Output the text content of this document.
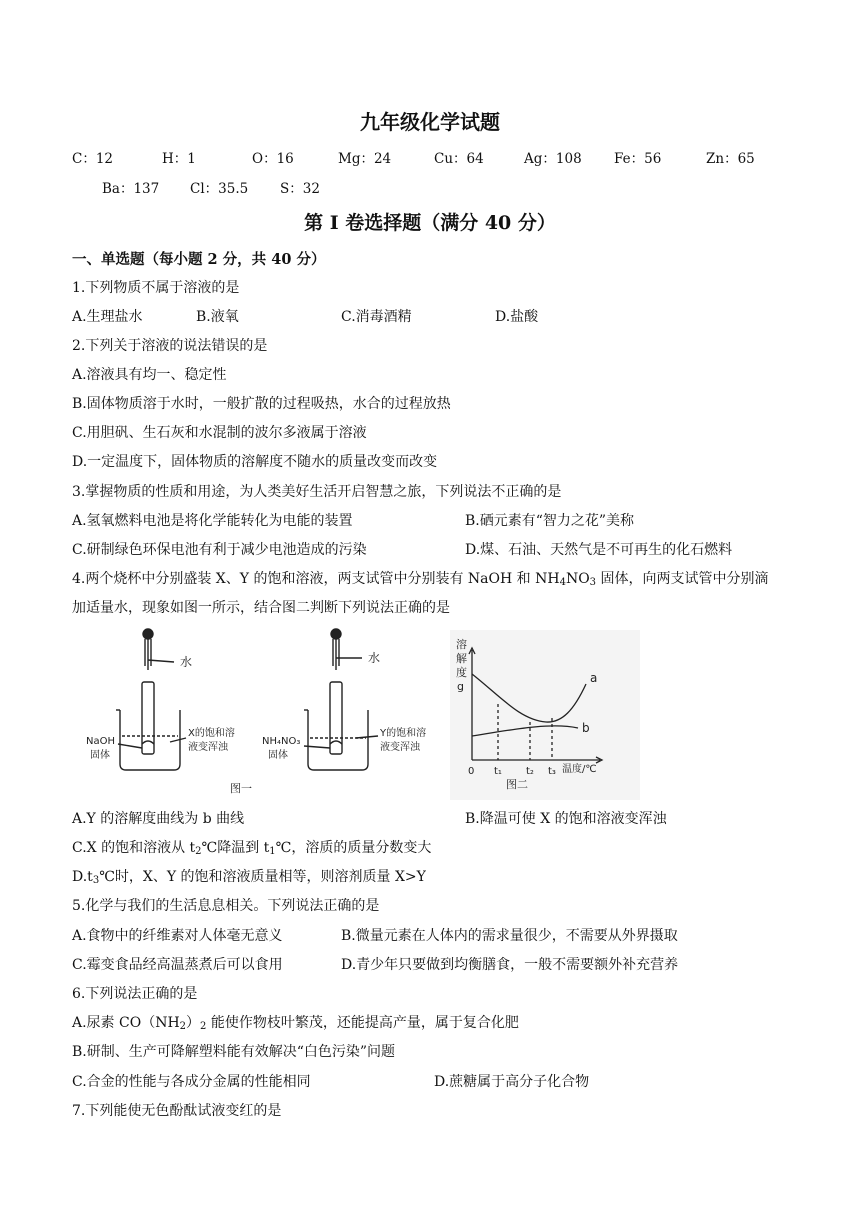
九年级化学试题
C：12	H：1	O：16	Mg：24	Cu：64	Ag：108 Fe：56	Zn：65
Ba：137 Cl：35.5 S：32
第 I 卷选择题（满分 40 分）
一、单选题（每小题 2 分，共 40 分）
1.下列物质不属于溶液的是
A.生理盐水	B.液氧	C.消毒酒精	D.盐酸
2.下列关于溶液的说法错误的是
A.溶液具有均一、稳定性
B.固体物质溶于水时，一般扩散的过程吸热，水合的过程放热
C.用胆矾、生石灰和水混制的波尔多液属于溶液
D.一定温度下，固体物质的溶解度不随水的质量改变而改变
3.掌握物质的性质和用途，为人类美好生活开启智慧之旅，下列说法不正确的是
A.氢氧燃料电池是将化学能转化为电能的装置	B.硒元素有“智力之花”美称
C.研制绿色环保电池有利于减少电池造成的污染	D.煤、石油、天然气是不可再生的化石燃料
4.两个烧杯中分别盛装 X、Y 的饱和溶液，两支试管中分别装有 NaOH 和 $NH_4NO_3$ 固体，向两支试管中分别滴
加适量水，现象如图一所示，结合图二判断下列说法正确的是
水	水
NaOH
固体
X的饱和溶
液变浑浊
NH₄NO₃
固体
Y的饱和溶
液变浑浊
图一
溶
解
度
g
a
b
0 t₁ t₂ t₃ 温度/℃
图二
A.Y 的溶解度曲线为 b 曲线	B.降温可使 X 的饱和溶液变浑浊
C.X 的饱和溶液从 $t_2℃$降温到 $t_1℃$，溶质的质量分数变大
$D.t_3℃$时，X、Y 的饱和溶液质量相等，则溶剂质量 X>Y
5.化学与我们的生活息息相关。下列说法正确的是
A.食物中的纤维素对人体毫无意义	B.微量元素在人体内的需求量很少，不需要从外界摄取
C.霉变食品经高温蒸煮后可以食用	D.青少年只要做到均衡膳食，一般不需要额外补充营养
6.下列说法正确的是
A.尿素 $CO(NH_2)_2$ 能使作物枝叶繁茂，还能提高产量，属于复合化肥
B.研制、生产可降解塑料能有效解决“白色污染”问题
C.合金的性能与各成分金属的性能相同	D.蔗糖属于高分子化合物
7.下列能使无色酚酞试液变红的是
